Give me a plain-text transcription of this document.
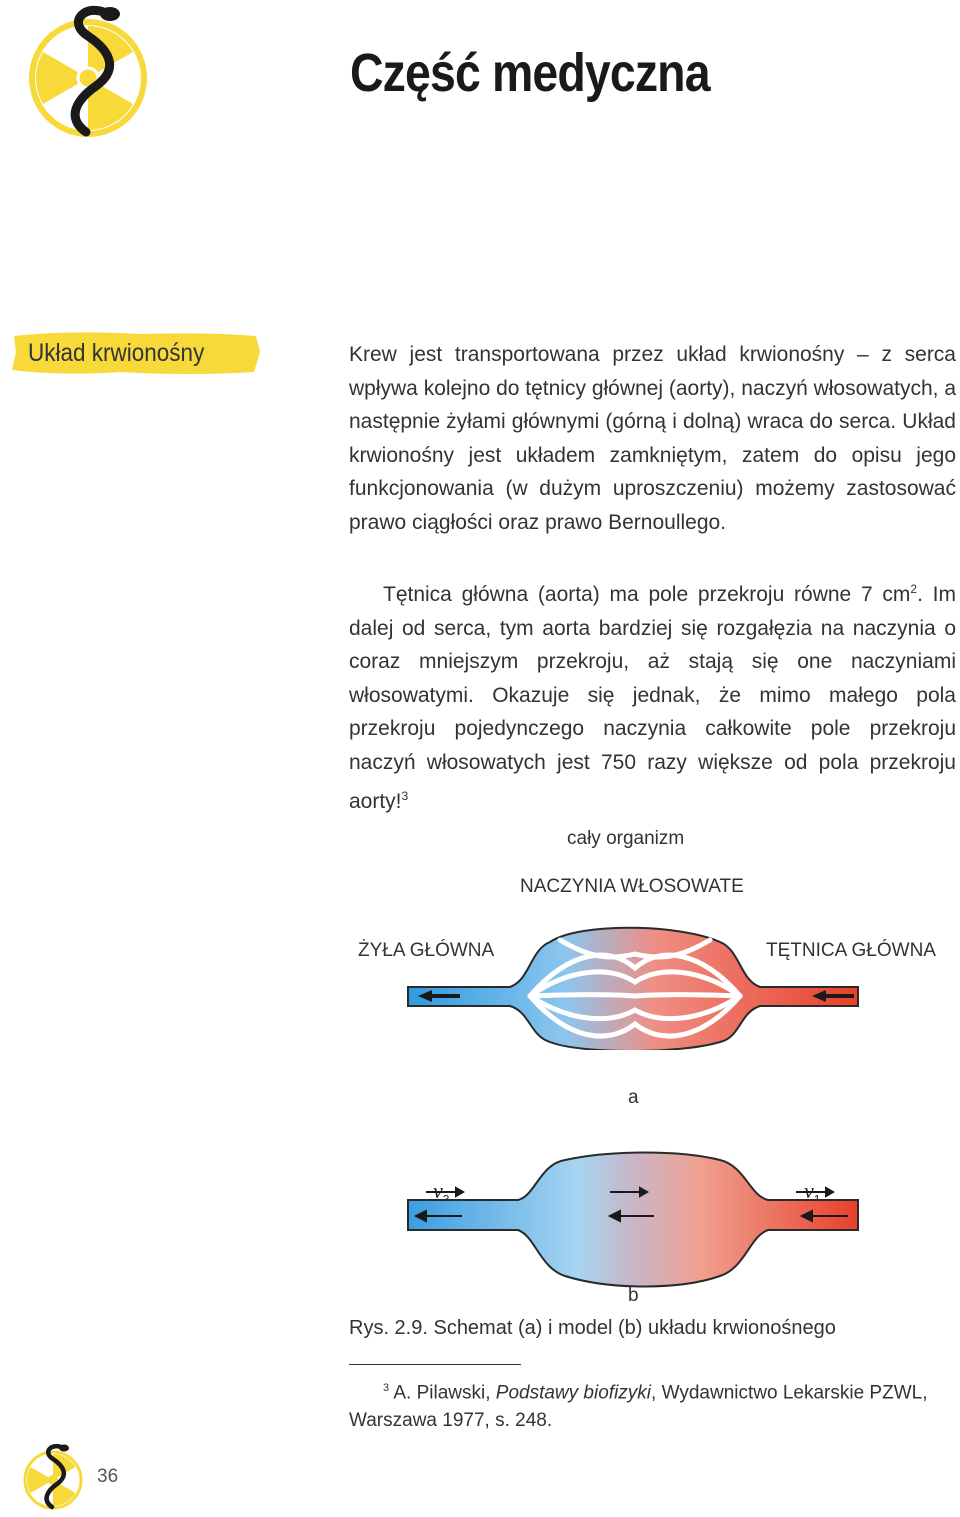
Część medyczna
Układ krwionośny	Krew jest transportowana przez układ krwionośny – z serca wpływa kolejno do tętnicy głównej (aorty), naczyń włosowatych, a następnie żyłami głównymi (górną i dolną) wraca do serca. Układ krwionośny jest układem zamkniętym, zatem do opisu jego funkcjonowania (w dużym uproszczeniu) możemy zastosować prawo ciągłości oraz prawo Bernoullego.

Tętnica główna (aorta) ma pole przekroju równe 7 $cm^2$. Im dalej od serca, tym aorta bardziej się rozgałęzia na naczynia o coraz mniejszym przekroju, aż stają się one naczyniami włosowatymi. Okazuje się jednak, że mimo małego pola przekroju pojedynczego naczynia całkowite pole przekroju naczyń włosowatych jest 750 razy większe od pola przekroju aorty!$^3$

cały organizm
NACZYNIA WŁOSOWATE
ŻYŁA GŁÓWNA	TĘTNICA GŁÓWNA
a
v	v
b
Rys. 2.9. Schemat (a) i model (b) układu krwionośnego
$^3$ A. Pilawski, Podstawy biofizyki, Wydawnictwo Lekarskie PZWL, Warszawa 1977, s. 248.
36
